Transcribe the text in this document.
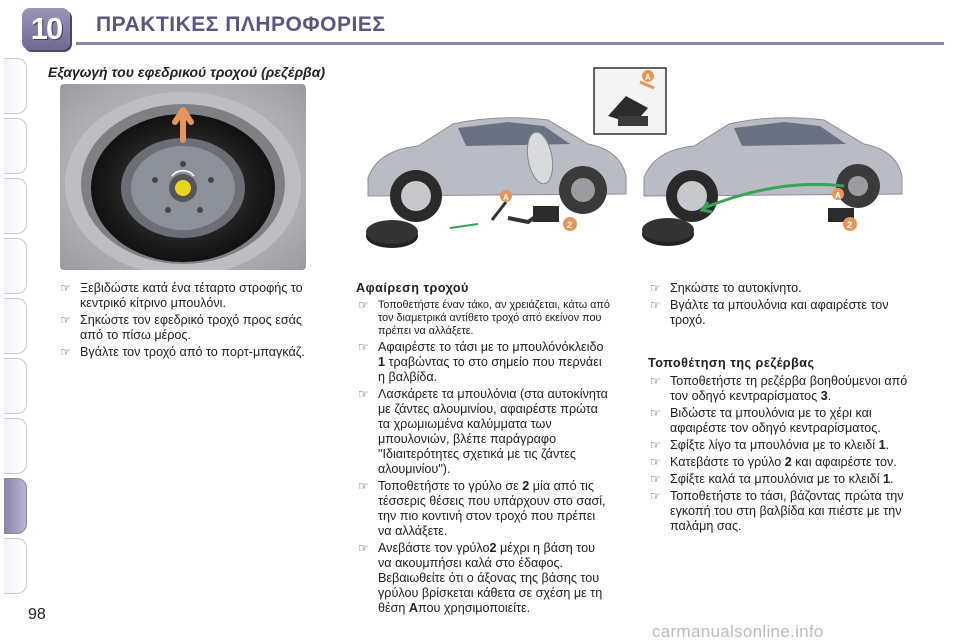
10	ΠΡΑΚΤΙΚΕΣ ΠΛΗΡΟΦΟΡΙΕΣ
Εξαγωγή του εφεδρικού τροχού (ρεζέρβα)
A
2
A
A
2
☞ Ξεβιδώστε κατά ένα τέταρτο στροφής το κεντρικό κίτρινο μπουλόνι.
☞ Σηκώστε τον εφεδρικό τροχό προς εσάς από το πίσω μέρος.
☞ Βγάλτε τον τροχό από το πορτ-μπαγκάζ.
Αφαίρεση τροχού
☞ Τοποθετήστε έναν τάκο, αν χρειάζεται, κάτω από τον διαμετρικά αντίθετο τροχό από εκείνον που πρέπει να αλλάξετε.
☞ Αφαιρέστε το τάσι με το μπουλόνόκλειδο 1 τραβώντας το στο σημείο που περνάει η βαλβίδα.
☞ Λασκάρετε τα μπουλόνια (στα αυτοκίνητα με ζάντες αλουμινίου, αφαιρέστε πρώτα τα χρωμιωμένα καλύμματα των μπουλονιών, βλέπε παράγραφο "Ιδιαιτερότητες σχετικά με τις ζάντες αλουμινίου").
☞ Τοποθετήστε το γρύλο σε 2 μία από τις τέσσερις θέσεις που υπάρχουν στο σασί, την πιο κοντινή στον τροχό που πρέπει να αλλάξετε.
☞ Ανεβάστε τον γρύλο2 μέχρι η βάση του να ακουμπήσει καλά στο έδαφος. Βεβαιωθείτε ότι ο άξονας της βάσης του γρύλου βρίσκεται κάθετα σε σχέση με τη θέση Aπου χρησιμοποιείτε.
☞ Σηκώστε το αυτοκίνητο.
☞ Βγάλτε τα μπουλόνια και αφαιρέστε τον τροχό.
Τοποθέτηση της ρεζέρβας
☞ Τοποθετήστε τη ρεζέρβα βοηθούμενοι από τον οδηγό κεντραρίσματος 3.
☞ Βιδώστε τα μπουλόνια με το χέρι και αφαιρέστε τον οδηγό κεντραρίσματος.
☞ Σφίξτε λίγο τα μπουλόνια με το κλειδί 1.
☞ Κατεβάστε το γρύλο 2 και αφαιρέστε τον.
☞ Σφίξτε καλά τα μπουλόνια με το κλειδί 1.
☞ Τοποθετήστε το τάσι, βάζοντας πρώτα την εγκοπή του στη βαλβίδα και πιέστε με την παλάμη σας.
98
carmanualsonline.info
